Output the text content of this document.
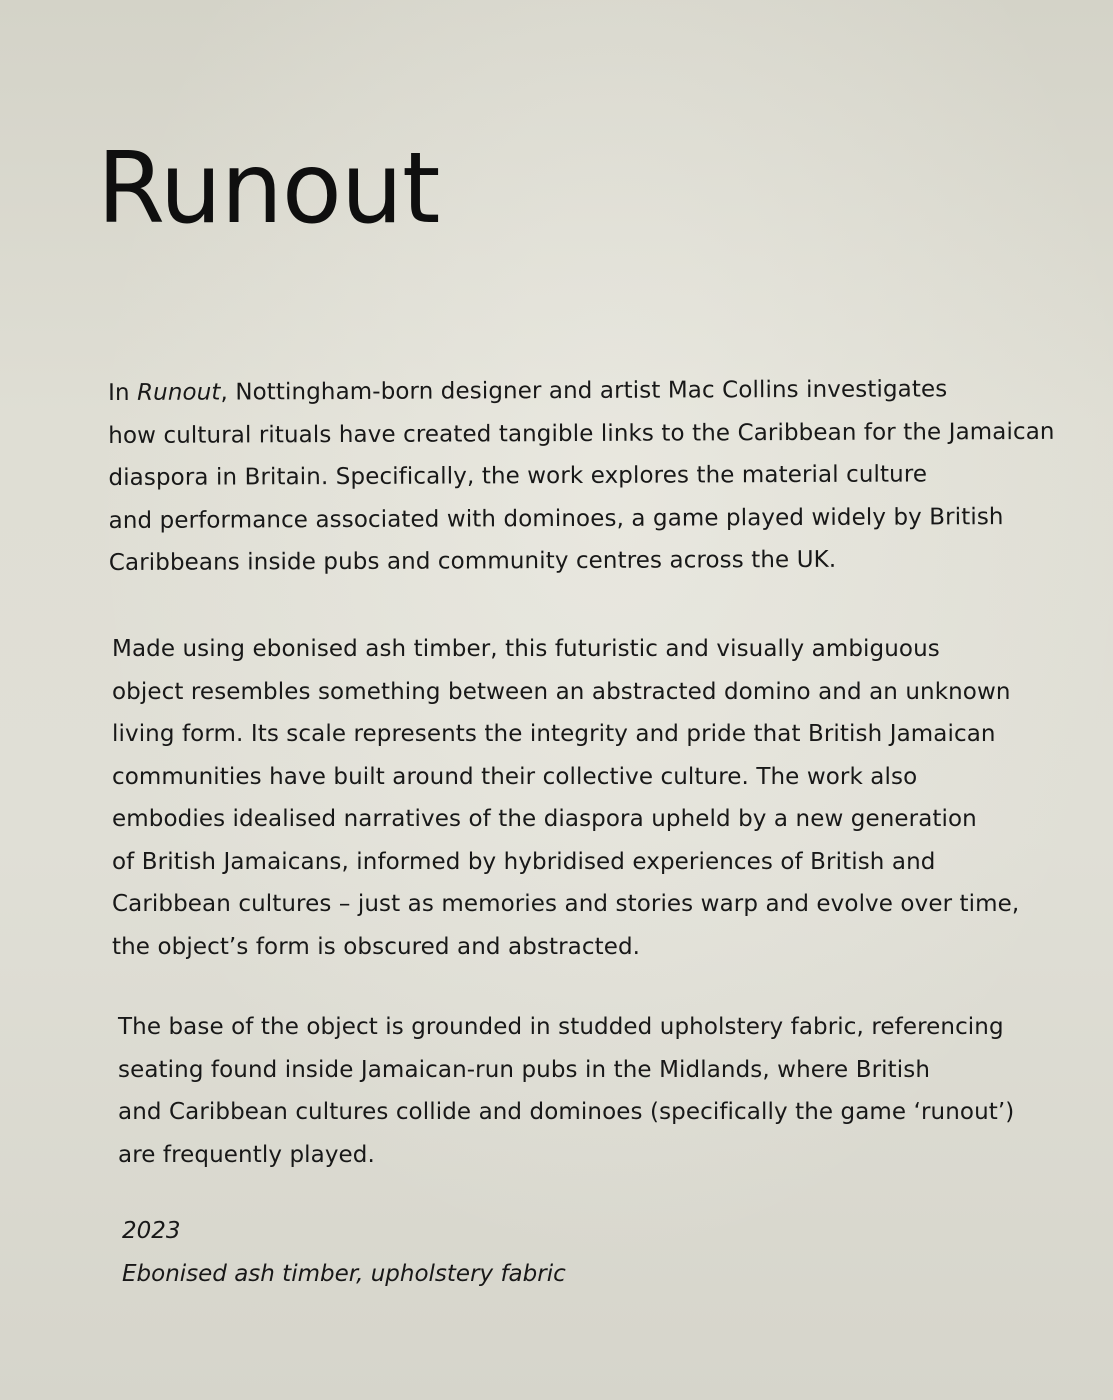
Runout

In Runout, Nottingham-born designer and artist Mac Collins investigates
how cultural rituals have created tangible links to the Caribbean for the Jamaican
diaspora in Britain. Specifically, the work explores the material culture
and performance associated with dominoes, a game played widely by British
Caribbeans inside pubs and community centres across the UK.

Made using ebonised ash timber, this futuristic and visually ambiguous
object resembles something between an abstracted domino and an unknown
living form. Its scale represents the integrity and pride that British Jamaican
communities have built around their collective culture. The work also
embodies idealised narratives of the diaspora upheld by a new generation
of British Jamaicans, informed by hybridised experiences of British and
Caribbean cultures – just as memories and stories warp and evolve over time,
the object’s form is obscured and abstracted.

The base of the object is grounded in studded upholstery fabric, referencing
seating found inside Jamaican-run pubs in the Midlands, where British
and Caribbean cultures collide and dominoes (specifically the game ‘runout’)
are frequently played.

2023
Ebonised ash timber, upholstery fabric
